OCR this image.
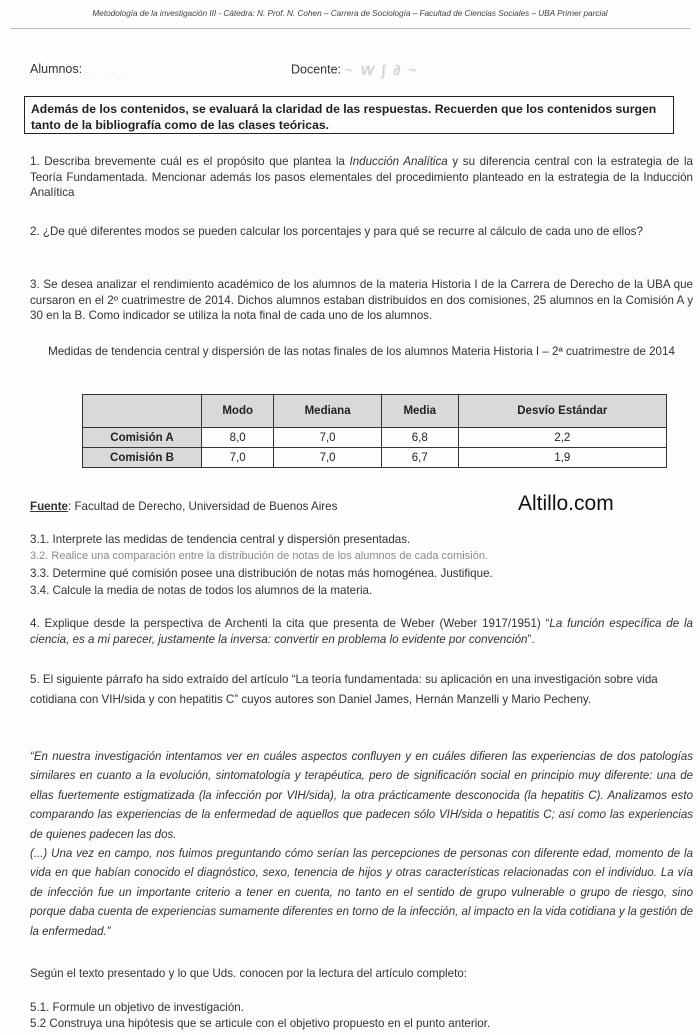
Metodología de la investigación III - Cátedra: N. Prof. N. Cohen – Carrera de Sociología – Facultad de Ciencias Sociales – UBA Primer parcial
Alumnos: . . . . .	Docente: ~ W ∫ ∂ ~
Además de los contenidos, se evaluará la claridad de las respuestas. Recuerden que los contenidos surgen tanto de la bibliografía como de las clases teóricas.
1. Describa brevemente cuál es el propósito que plantea la Inducción Analítica y su diferencia central con la estrategia de la Teoría Fundamentada. Mencionar además los pasos elementales del procedimiento planteado en la estrategia de la Inducción Analítica
2. ¿De qué diferentes modos se pueden calcular los porcentajes y para qué se recurre al cálculo de cada uno de ellos?
3. Se desea analizar el rendimiento académico de los alumnos de la materia Historia I de la Carrera de Derecho de la UBA que cursaron en el 2º cuatrimestre de 2014. Dichos alumnos estaban distribuidos en dos comisiones, 25 alumnos en la Comisión A y 30 en la B. Como indicador se utiliza la nota final de cada uno de los alumnos.
Medidas de tendencia central y dispersión de las notas finales de los alumnos Materia Historia I – 2ª cuatrimestre de 2014
	Modo	Mediana	Media	Desvío Estándar
Comisión A	8,0	7,0	6,8	2,2
Comisión B	7,0	7,0	6,7	1,9
Fuente: Facultad de Derecho, Universidad de Buenos Aires	Altillo.com
3.1. Interprete las medidas de tendencia central y dispersión presentadas.
3.2. Realice una comparación entre la distribución de notas de los alumnos de cada comisión.
3.3. Determine qué comisión posee una distribución de notas más homogénea. Justifique.
3.4. Calcule la media de notas de todos los alumnos de la materia.
4. Explique desde la perspectiva de Archenti la cita que presenta de Weber (Weber 1917/1951) “La función específica de la ciencia, es a mi parecer, justamente la inversa: convertir en problema lo evidente por convención”.
5. El siguiente párrafo ha sido extraído del artículo “La teoría fundamentada: su aplicación en una investigación sobre vida cotidiana con VIH/sida y con hepatitis C” cuyos autores son Daniel James, Hernán Manzelli y Mario Pecheny.

“En nuestra investigación intentamos ver en cuáles aspectos confluyen y en cuáles difieren las experiencias de dos patologías similares en cuanto a la evolución, sintomatología y terapéutica, pero de significación social en principio muy diferente: una de ellas fuertemente estigmatizada (la infección por VIH/sida), la otra prácticamente desconocida (la hepatitis C). Analizamos esto comparando las experiencias de la enfermedad de aquellos que padecen sólo VIH/sida o hepatitis C; así como las experiencias de quienes padecen las dos.

(...) Una vez en campo, nos fuimos preguntando cómo serían las percepciones de personas con diferente edad, momento de la vida en que habían conocido el diagnóstico, sexo, tenencia de hijos y otras características relacionadas con el individuo. La vía de infección fue un importante criterio a tener en cuenta, no tanto en el sentido de grupo vulnerable o grupo de riesgo, sino porque daba cuenta de experiencias sumamente diferentes en torno de la infección, al impacto en la vida cotidiana y la gestión de la enfermedad.”

Según el texto presentado y lo que Uds. conocen por la lectura del artículo completo:
5.1. Formule un objetivo de investigación.
5.2 Construya una hipótesis que se articule con el objetivo propuesto en el punto anterior.
